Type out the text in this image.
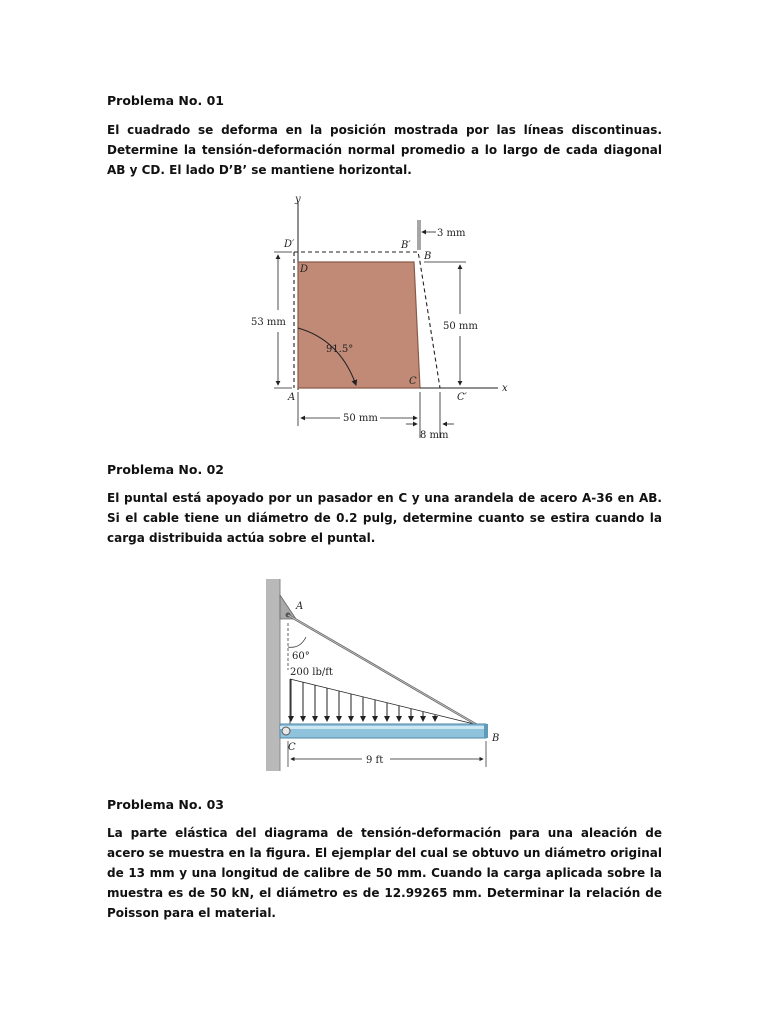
Problema No. 01

El cuadrado se deforma en la posición mostrada por las líneas discontinuas. Determine la tensión-deformación normal promedio a lo largo de cada diagonal AB y CD. El lado D’B’ se mantiene horizontal.

y
x
D′
D
B′
B
A
C
C′
91.5°
3 mm
53 mm	50 mm
50 mm
8 mm
Problema No. 02

El puntal está apoyado por un pasador en C y una arandela de acero A-36 en AB. Si el cable tiene un diámetro de 0.2 pulg, determine cuanto se estira cuando la carga distribuida actúa sobre el puntal.

A
60°
200 lb/ft
C
B
9 ft
Problema No. 03

La parte elástica del diagrama de tensión-deformación para una aleación de acero se muestra en la figura. El ejemplar del cual se obtuvo un diámetro original de 13 mm y una longitud de calibre de 50 mm. Cuando la carga aplicada sobre la muestra es de 50 kN, el diámetro es de 12.99265 mm. Determinar la relación de Poisson para el material.
